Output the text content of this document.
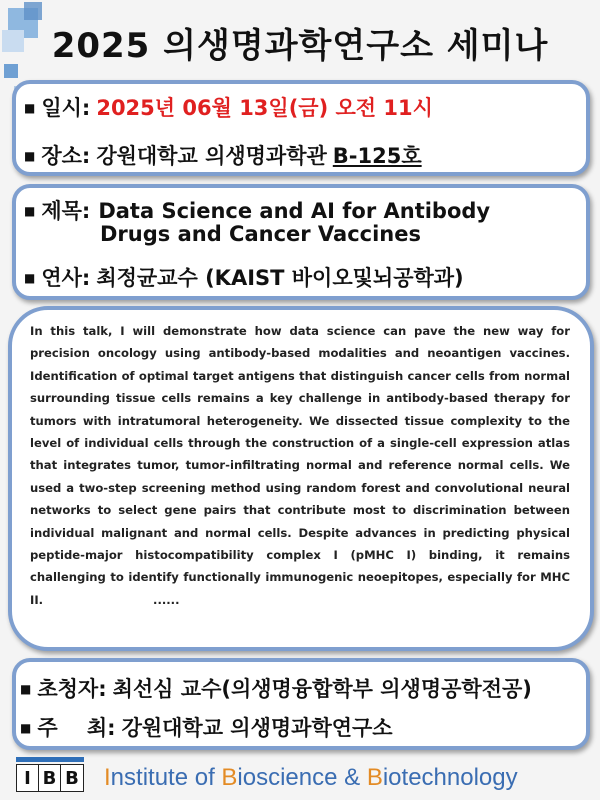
2025 의생명과학연구소 세미나
■ 일시: 2025년 06월 13일(금) 오전 11시
■ 장소: 강원대학교 의생명과학관 B-125호
■ 제목: Data Science and AI for Antibody
Drugs and Cancer Vaccines
■ 연사: 최정균교수 (KAIST 바이오및뇌공학과)
In this talk, I will demonstrate how data science can pave the new way for precision oncology using antibody-based modalities and neoantigen vaccines. Identification of optimal target antigens that distinguish cancer cells from normal surrounding tissue cells remains a key challenge in antibody-based therapy for tumors with intratumoral heterogeneity. We dissected tissue complexity to the level of individual cells through the construction of a single-cell expression atlas that integrates tumor, tumor-infiltrating normal and reference normal cells. We used a two-step screening method using random forest and convolutional neural networks to select gene pairs that contribute most to discrimination between individual malignant and normal cells. Despite advances in predicting physical peptide-major histocompatibility complex I (pMHC I) binding, it remains challenging to identify functionally immunogenic neoepitopes, especially for MHC II.	......
■ 초청자: 최선심 교수(의생명융합학부 의생명공학전공)
■ 주    최: 강원대학교 의생명과학연구소
I B B Institute of Bioscience & Biotechnology
